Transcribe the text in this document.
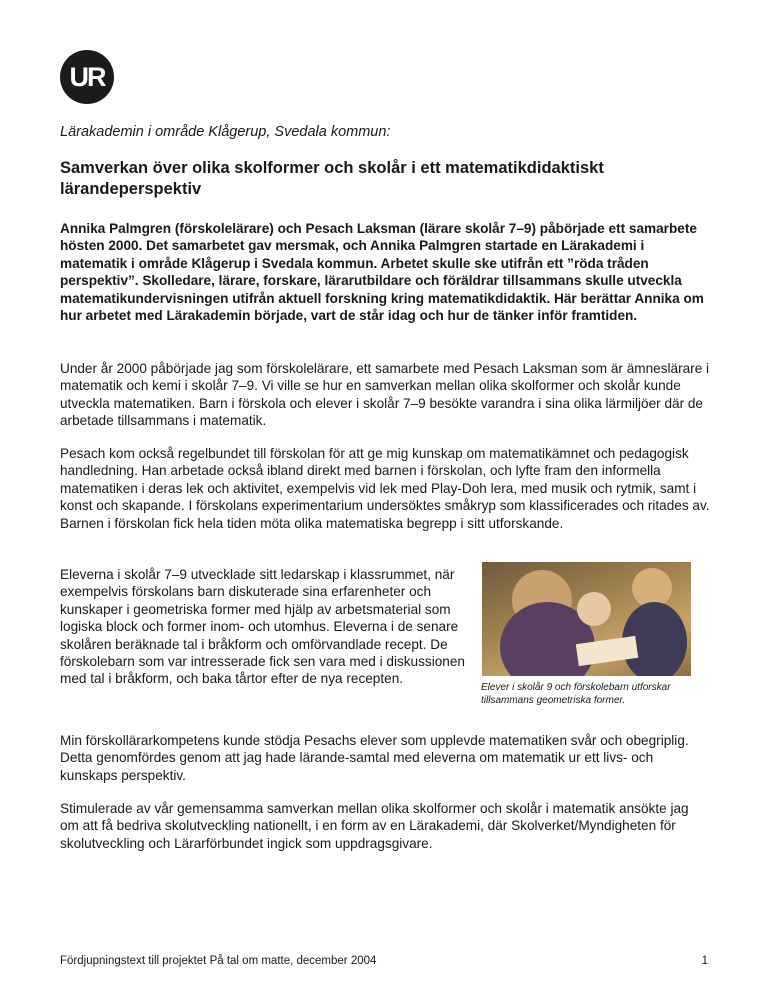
UR
Lärakademin i område Klågerup, Svedala kommun:
Samverkan över olika skolformer och skolår i ett matematikdidaktiskt lärandeperspektiv

Annika Palmgren (förskolelärare) och Pesach Laksman (lärare skolår 7–9) påbörjade ett samarbete hösten 2000. Det samarbetet gav mersmak, och Annika Palmgren startade en Lärakademi i matematik i område Klågerup i Svedala kommun. Arbetet skulle ske utifrån ett ”röda tråden perspektiv”. Skolledare, lärare, forskare, lärarutbildare och föräldrar tillsammans skulle utveckla matematikundervisningen utifrån aktuell forskning kring matematikdidaktik. Här berättar Annika om hur arbetet med Lärakademin började, vart de står idag och hur de tänker inför framtiden.

Under år 2000 påbörjade jag som förskolelärare, ett samarbete med Pesach Laksman som är ämneslärare i matematik och kemi i skolår 7–9. Vi ville se hur en samverkan mellan olika skolformer och skolår kunde utveckla matematiken. Barn i förskola och elever i skolår 7–9 besökte varandra i sina olika lärmiljöer där de arbetade tillsammans i matematik.

Pesach kom också regelbundet till förskolan för att ge mig kunskap om matematikämnet och pedagogisk handledning. Han arbetade också ibland direkt med barnen i förskolan, och lyfte fram den informella matematiken i deras lek och aktivitet, exempelvis vid lek med Play-Doh lera, med musik och rytmik, samt i konst och skapande. I förskolans experimentarium undersöktes småkryp som klassificerades och ritades av. Barnen i förskolan fick hela tiden möta olika matematiska begrepp i sitt utforskande.

Eleverna i skolår 7–9 utvecklade sitt ledarskap i klassrummet, när exempelvis förskolans barn diskuterade sina erfarenheter och kunskaper i geometriska former med hjälp av arbetsmaterial som logiska block och former inom- och utomhus. Eleverna i de senare skolåren beräknade tal i bråkform och omförvandlade recept. De förskolebarn som var intresserade fick sen vara med i diskussionen med tal i bråkform, och baka tårtor efter de nya recepten.

Elever i skolår 9 och förskolebarn utforskar tillsammans geometriska former.

Min förskollärarkompetens kunde stödja Pesachs elever som upplevde matematiken svår och obegriplig. Detta genomfördes genom att jag hade lärande-samtal med eleverna om matematik ur ett livs- och kunskaps perspektiv.

Stimulerade av vår gemensamma samverkan mellan olika skolformer och skolår i matematik ansökte jag om att få bedriva skolutveckling nationellt, i en form av en Lärakademi, där Skolverket/Myndigheten för skolutveckling och Lärarförbundet ingick som uppdragsgivare.

Fördjupningstext till projektet På tal om matte, december 2004	1
